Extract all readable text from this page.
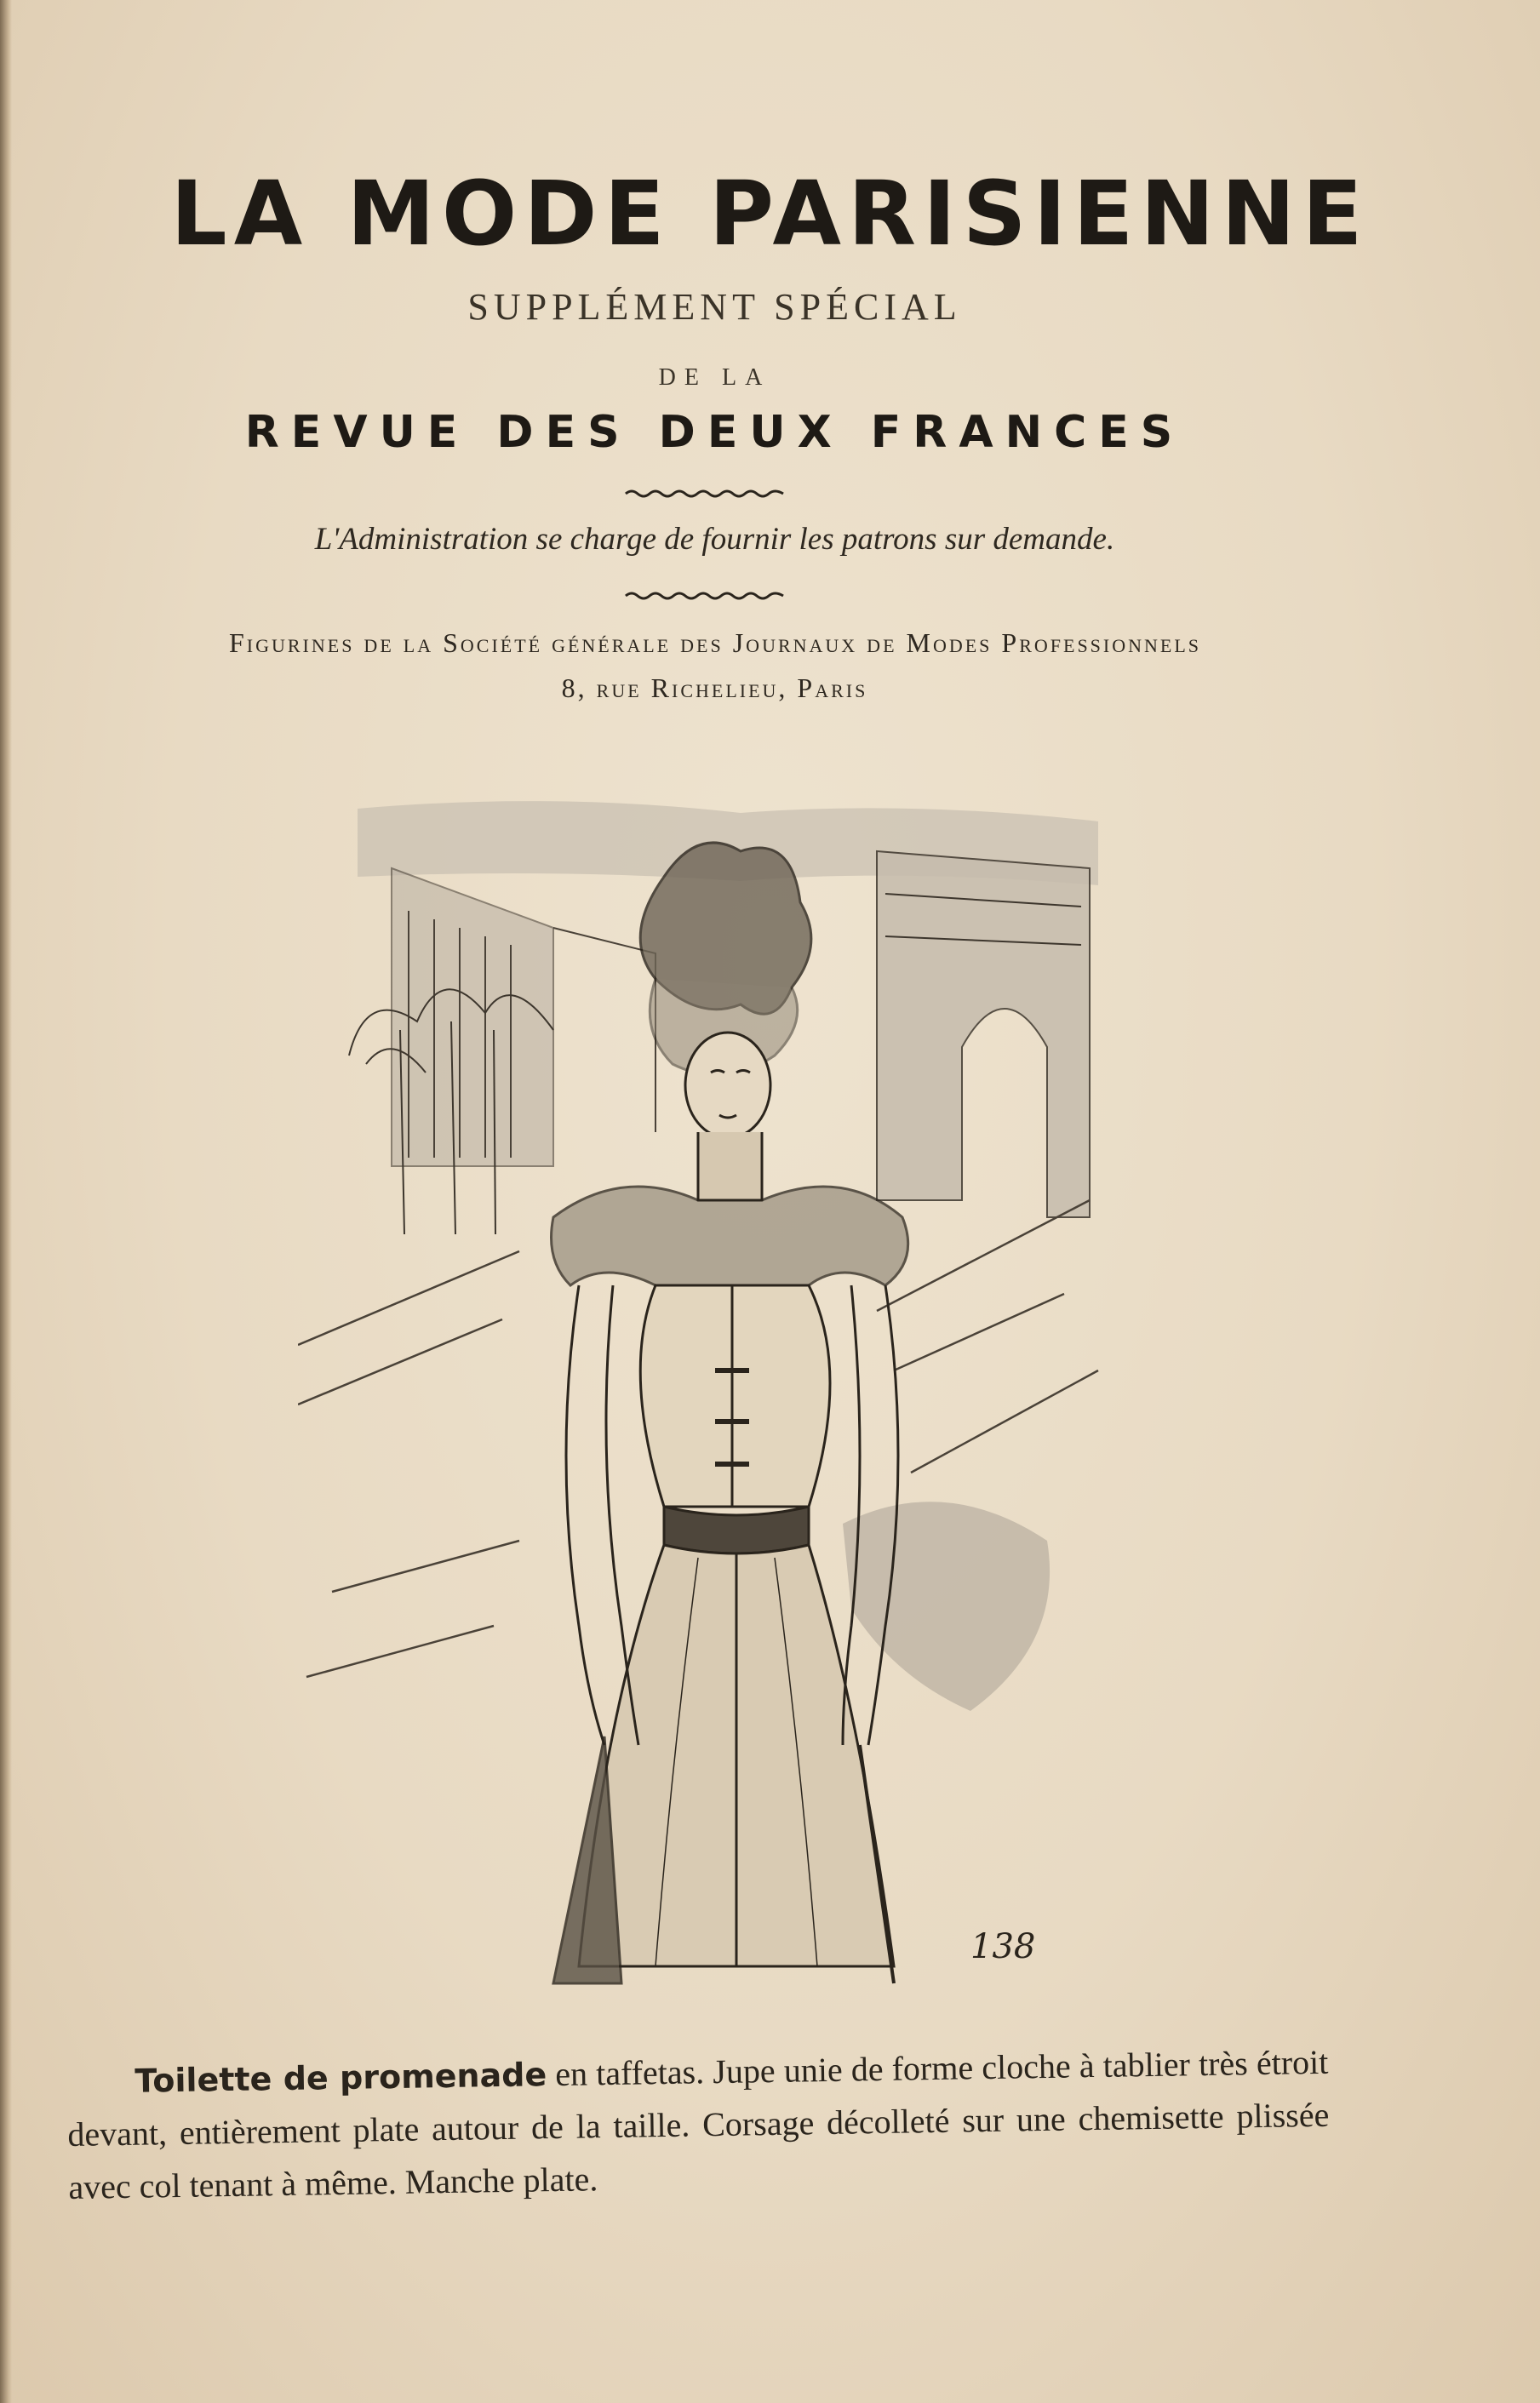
LA MODE PARISIENNE
SUPPLÉMENT SPÉCIAL
DE LA
REVUE DES DEUX FRANCES
L'Administration se charge de fournir les patrons sur demande.
Figurines de la Société générale des Journaux de Modes Professionnels
8, rue Richelieu, Paris
138
Toilette de promenade en taffetas. Jupe unie de forme cloche à tablier très étroit devant, entièrement plate autour de la taille. Corsage décolleté sur une chemisette plissée avec col tenant à même. Manche plate.
